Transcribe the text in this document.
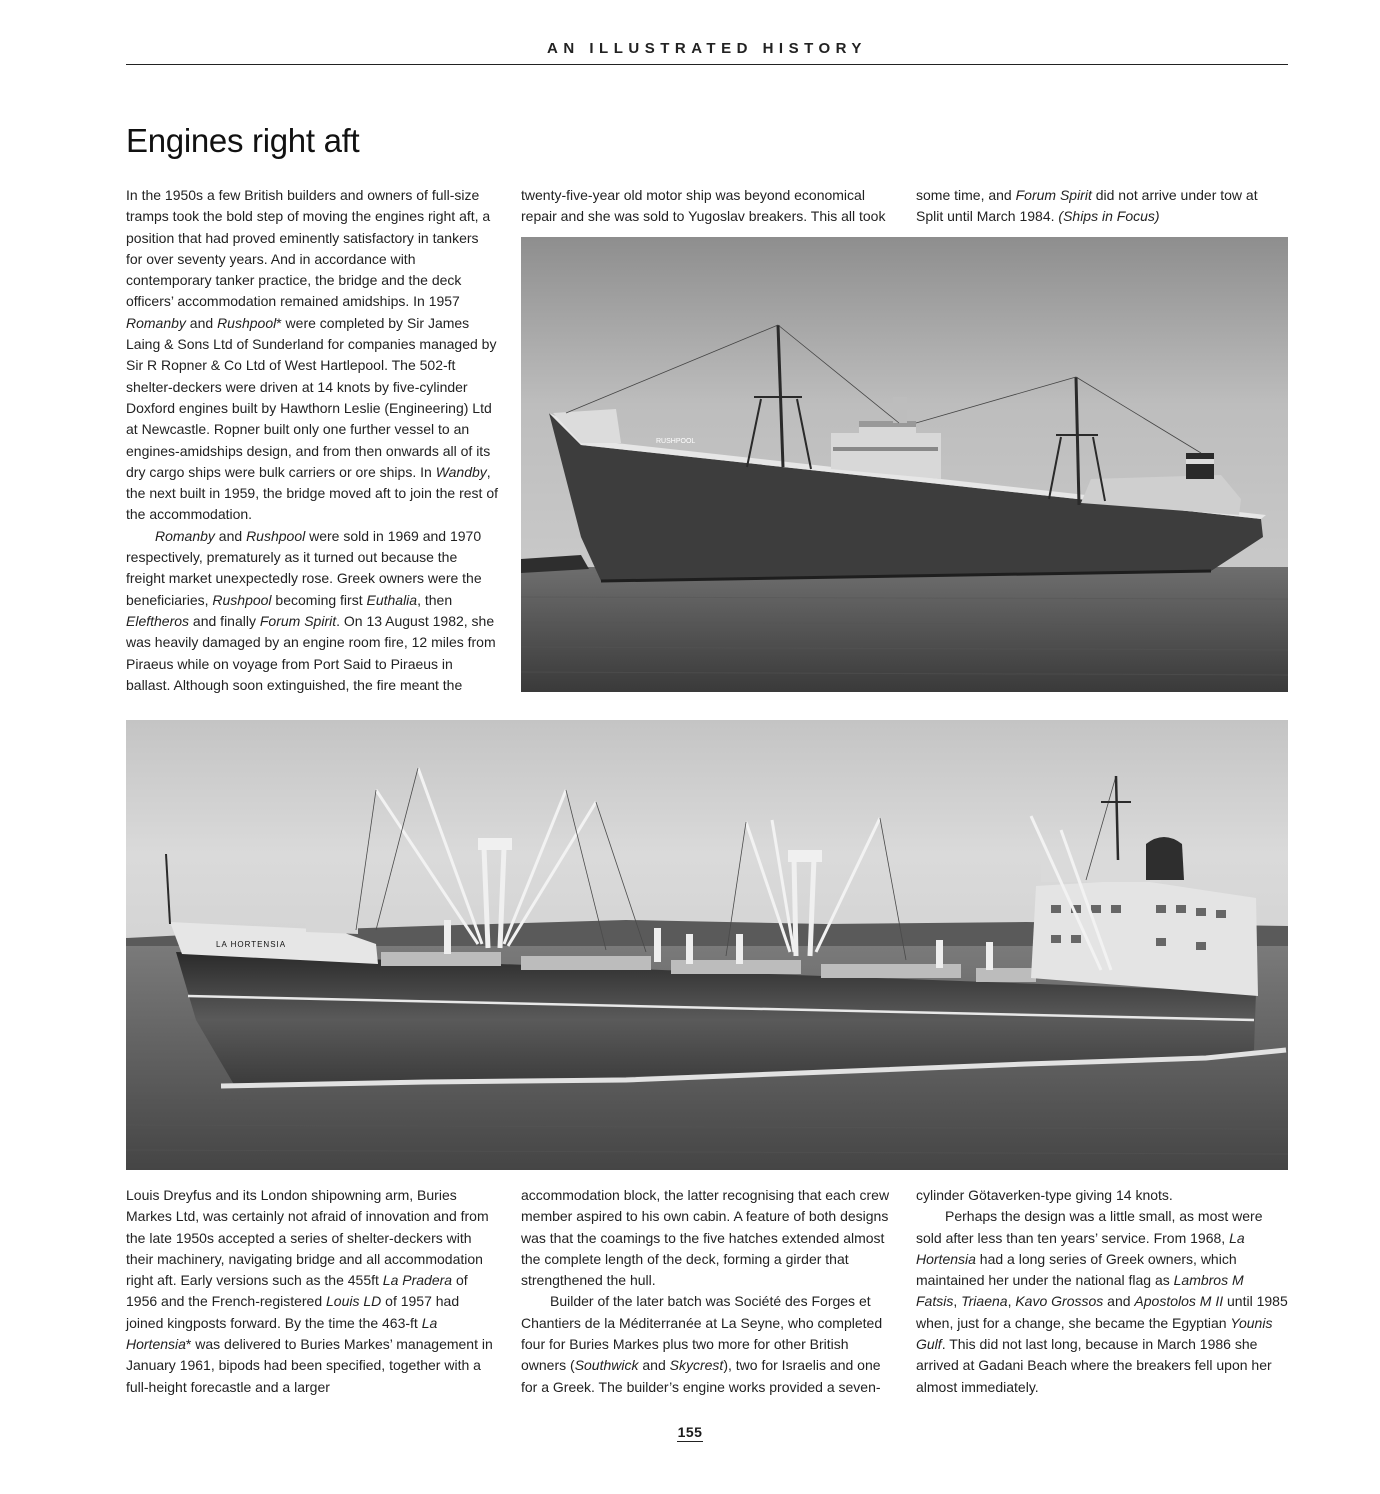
AN ILLUSTRATED HISTORY
Engines right aft

In the 1950s a few British builders and owners of full-size tramps took the bold step of moving the engines right aft, a position that had proved eminently satisfactory in tankers for over seventy years. And in accordance with contemporary tanker practice, the bridge and the deck officers’ accommodation remained amidships. In 1957 Romanby and Rushpool* were completed by Sir James Laing & Sons Ltd of Sunderland for companies managed by Sir R Ropner & Co Ltd of West Hartlepool. The 502-ft shelter-deckers were driven at 14 knots by five-cylinder Doxford engines built by Hawthorn Leslie (Engineering) Ltd at Newcastle. Ropner built only one further vessel to an engines-amidships design, and from then onwards all of its dry cargo ships were bulk carriers or ore ships. In Wandby, the next built in 1959, the bridge moved aft to join the rest of the accommodation.

Romanby and Rushpool were sold in 1969 and 1970 respectively, prematurely as it turned out because the freight market unexpectedly rose. Greek owners were the beneficiaries, Rushpool becoming first Euthalia, then Eleftheros and finally Forum Spirit. On 13 August 1982, she was heavily damaged by an engine room fire, 12 miles from Piraeus while on voyage from Port Said to Piraeus in ballast. Although soon extinguished, the fire meant the

twenty-five-year old motor ship was beyond economical repair and she was sold to Yugoslav breakers. This all took

some time, and Forum Spirit did not arrive under tow at Split until March 1984. (Ships in Focus)

RUSHPOOL
LA HORTENSIA

Louis Dreyfus and its London shipowning arm, Buries Markes Ltd, was certainly not afraid of innovation and from the late 1950s accepted a series of shelter-deckers with their machinery, navigating bridge and all accommodation right aft. Early versions such as the 455ft La Pradera of 1956 and the French-registered Louis LD of 1957 had joined kingposts forward. By the time the 463-ft La Hortensia* was delivered to Buries Markes’ management in January 1961, bipods had been specified, together with a full-height forecastle and a larger

accommodation block, the latter recognising that each crew member aspired to his own cabin. A feature of both designs was that the coamings to the five hatches extended almost the complete length of the deck, forming a girder that strengthened the hull.

Builder of the later batch was Société des Forges et Chantiers de la Méditerranée at La Seyne, who completed four for Buries Markes plus two more for other British owners (Southwick and Skycrest), two for Israelis and one for a Greek. The builder’s engine works provided a seven-

cylinder Götaverken-type giving 14 knots.

Perhaps the design was a little small, as most were sold after less than ten years’ service. From 1968, La Hortensia had a long series of Greek owners, which maintained her under the national flag as Lambros M Fatsis, Triaena, Kavo Grossos and Apostolos M II until 1985 when, just for a change, she became the Egyptian Younis Gulf. This did not last long, because in March 1986 she arrived at Gadani Beach where the breakers fell upon her almost immediately.

155
